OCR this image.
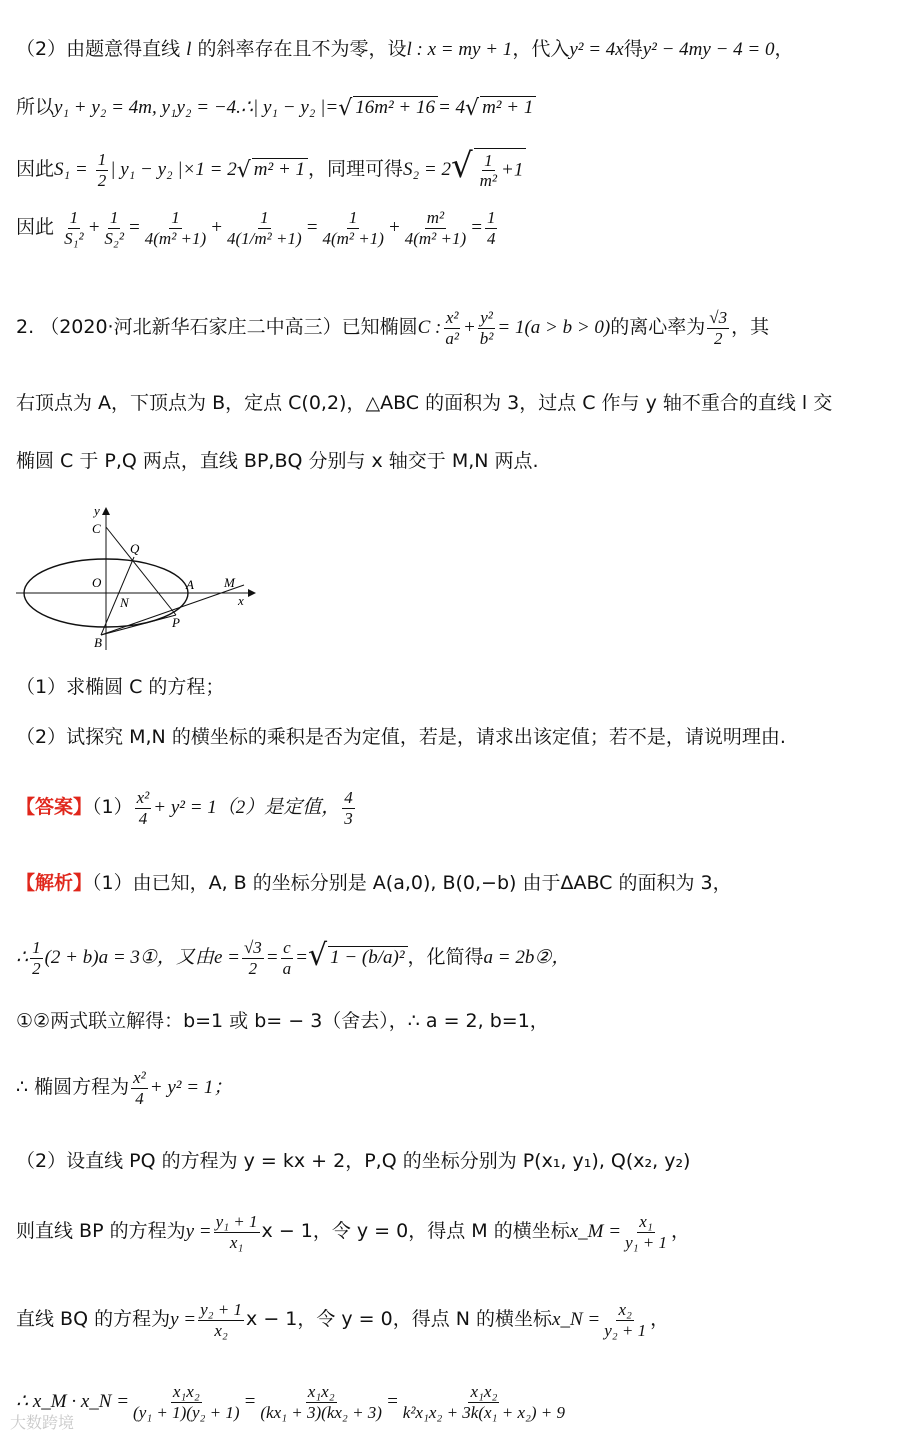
（2）由题意得直线 l 的斜率存在且不为零，设l : x = my + 1，代入y² = 4x得y² − 4my − 4 = 0，
所以y₁ + y₂ = 4m, y₁y₂ = −4.∴| y₁ − y₂ |=√ 16m² + 16 = 4√ m² + 1
因此$S_1 = \frac{1}{2}$ | y₁ − y₂ |×1 = 2√ m² + 1 ，同理可得$S_2 = 2√ \frac{1}{\text{m²}} +1$
因此 $\frac{1}{\text{S₁²}} + \frac{1}{\text{S₂²}} = \frac{1}{\text{4(m² +1)}} + \frac{1}{\text{4(1/m² +1)}} = \frac{1}{\text{4(m² +1)}} + \frac{\text{m²}}{\text{4(m² +1)}} = \frac{1}{4}$
2. （2020·河北新华石家庄二中高三）已知椭圆C : $\frac{\text{x²}}{\text{a²}} + \frac{\text{y²}}{\text{b²}} = 1(a > b > 0)$的离心率为 $\frac{√3}{2}$ ，其
右顶点为 A，下顶点为 B，定点 C(0,2)，△ABC 的面积为 3，过点 C 作与 y 轴不重合的直线 l 交
椭圆 C 于 P,Q 两点，直线 BP,BQ 分别与 x 轴交于 M,N 两点.
y
C
Q
O	A M
x
N
P
B
（1）求椭圆 C 的方程；
（2）试探究 M,N 的横坐标的乘积是否为定值，若是，请求出该定值；若不是，请说明理由.
【答案】$(1) \frac{\text{x²}}{4} + y^2 = 1(2)$是定值， $\frac{4}{3}$
【解析】（1）由已知，A, B 的坐标分别是 A(a,0), B(0,−b) 由于ΔABC 的面积为 3，
∴ $\frac{1}{2} (2 + b)a$ = 3①，又由$e = \frac{√3}{2} = \frac{c}{a}$ =√ 1 − (b/a)² ，化简得a = 2b②，
①②两式联立解得：b=1 或 b= − 3（舍去），∴ a = 2, b=1，
∴ 椭圆方程为 $\frac{\text{x²}}{4} + y^2 = 1$；
（2）设直线 PQ 的方程为 y = kx + 2，P,Q 的坐标分别为 P(x₁, y₁), Q(x₂, y₂)
则直线 BP 的方程为$y = \frac{\text{y₁ + 1}}{\text{x₁}}$ x − 1，令 y = 0，得点 M 的横坐标x_M = $\frac{\text{x₁}}{\text{y₁ + 1}}$ ，
直线 BQ 的方程为$y = \frac{\text{y₂ + 1}}{\text{x₂}}$ x − 1，令 y = 0，得点 N 的横坐标x_N = $\frac{\text{x₂}}{\text{y₂ + 1}}$ ，
∴ x_M · x_N = $\frac{\text{x₁x₂}}{\text{(y₁ + 1)(y₂ + 1)}} = \frac{\text{x₁x₂}}{\text{(kx₁ + 3)(kx₂ + 3)}} = \frac{\text{x₁x₂}}{\text{k²x₁x₂ + 3k(x₁ + x₂) + 9}}$
大数跨境
